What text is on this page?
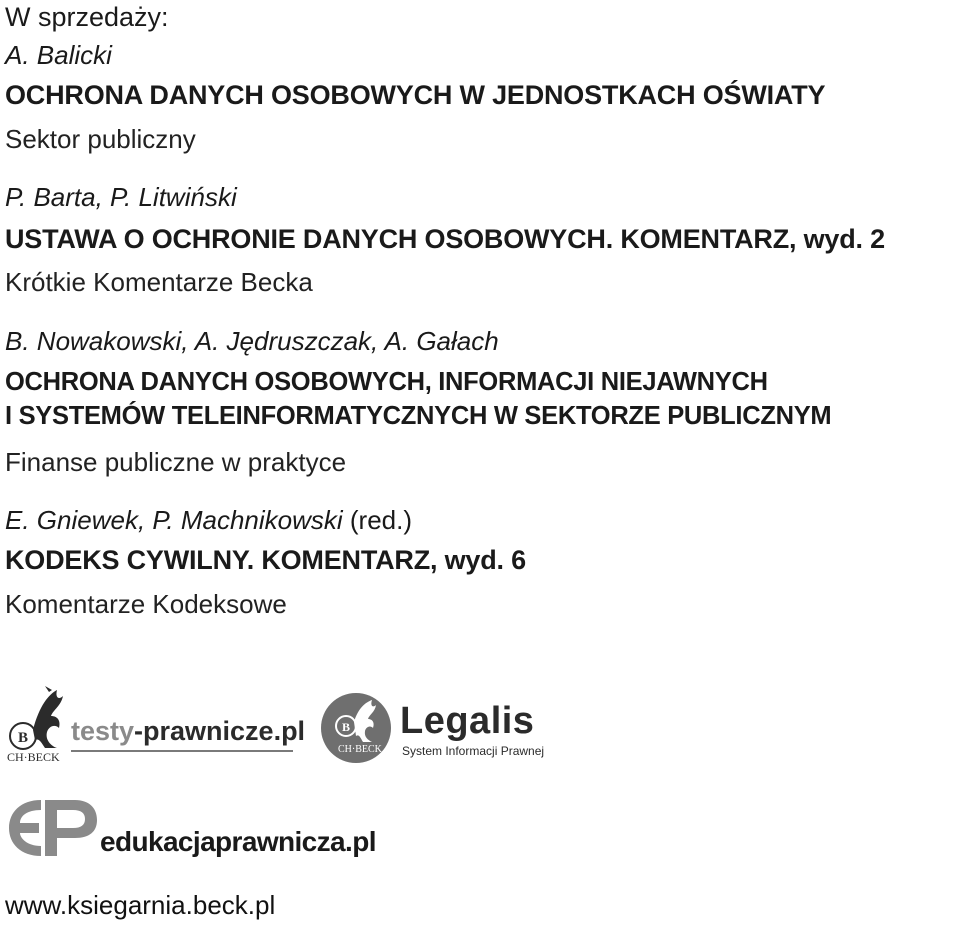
W sprzedaży:

A. Balicki

OCHRONA DANYCH OSOBOWYCH W JEDNOSTKACH OŚWIATY

Sektor publiczny

P. Barta, P. Litwiński

USTAWA O OCHRONIE DANYCH OSOBOWYCH. KOMENTARZ, wyd. 2

Krótkie Komentarze Becka

B. Nowakowski, A. Jędruszczak, A. Gałach

OCHRONA DANYCH OSOBOWYCH, INFORMACJI NIEJAWNYCH

I SYSTEMÓW TELEINFORMATYCZNYCH W SEKTORZE PUBLICZNYM

Finanse publiczne w praktyce

E. Gniewek, P. Machnikowski (red.)

KODEKS CYWILNY. KOMENTARZ, wyd. 6

Komentarze Kodeksowe

B
CH·BECK
testy-prawnicze.pl	B
CH·BECK
Legalis
System Informacji Prawnej
edukacjaprawnicza.pl

www.ksiegarnia.beck.pl
